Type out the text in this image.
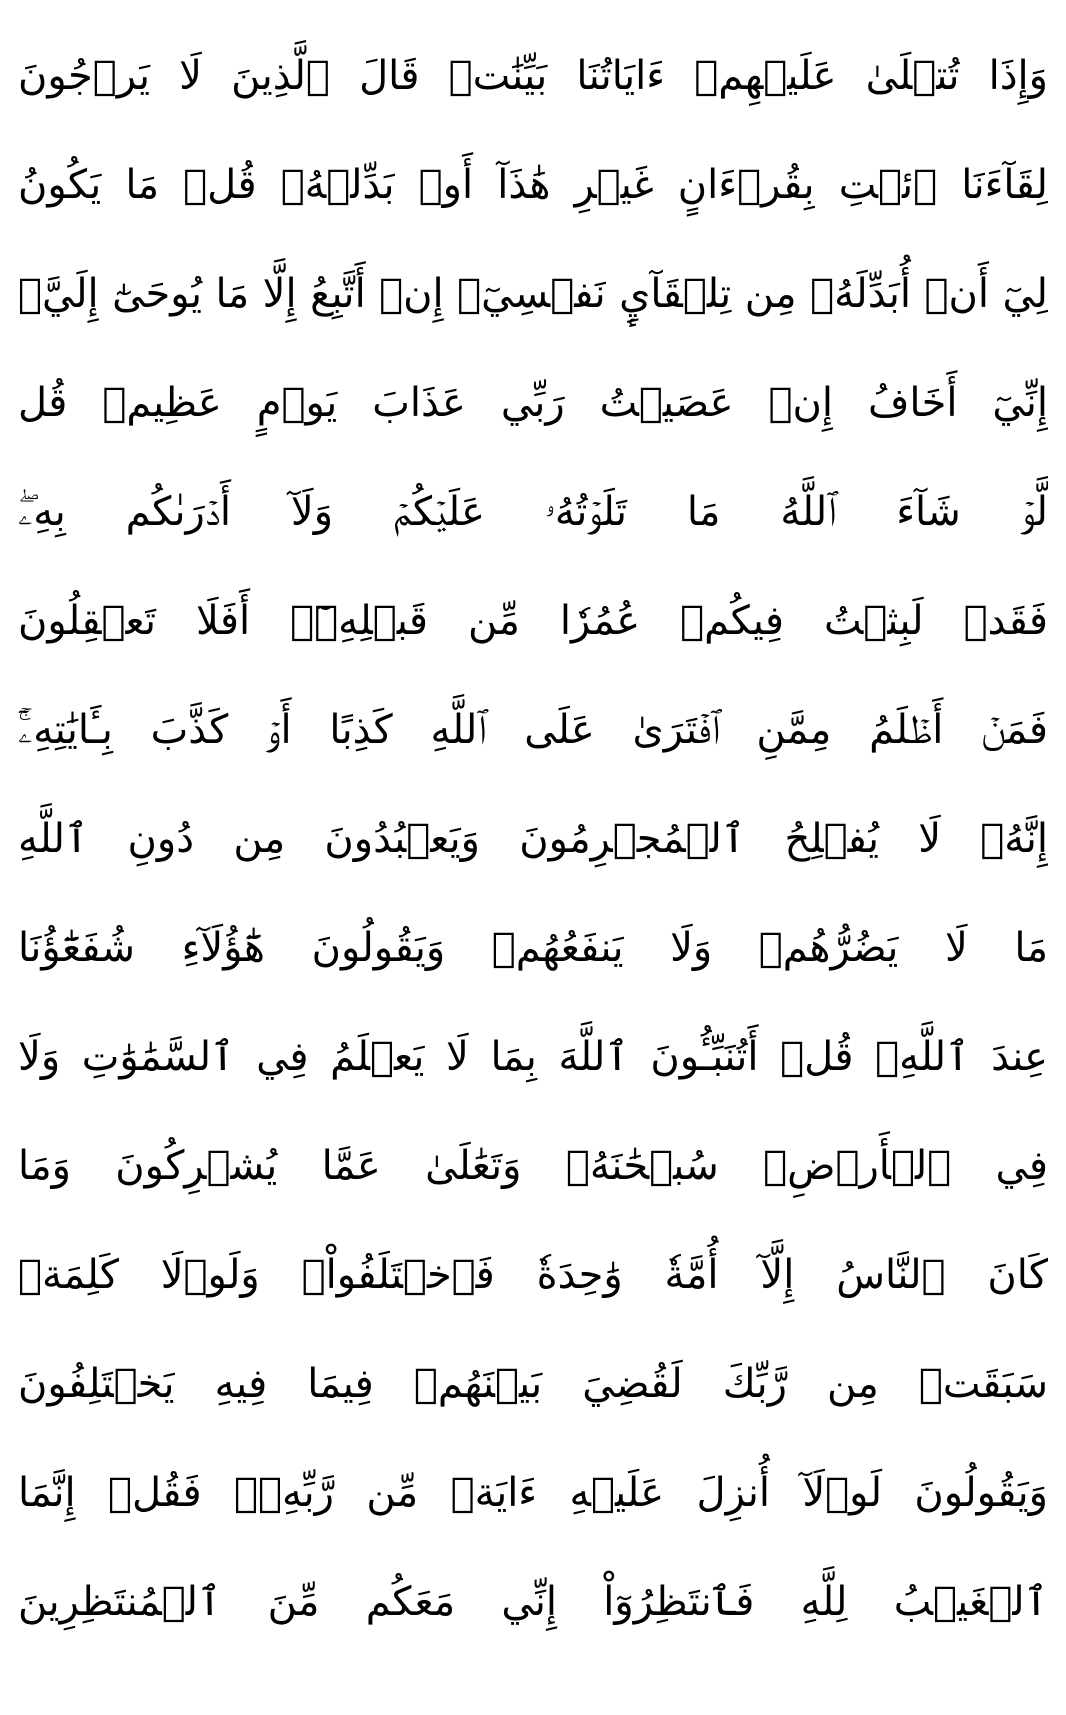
وَإِذَا تُتۡلَىٰ عَلَيۡهِمۡ ءَايَاتُنَا بَيِّنَٰتٖ قَالَ ٱلَّذِينَ لَا يَرۡجُونَ
لِقَآءَنَا ٱئۡتِ بِقُرۡءَانٍ غَيۡرِ هَٰذَآ أَوۡ بَدِّلۡهُۚ قُلۡ مَا يَكُونُ
لِيٓ أَنۡ أُبَدِّلَهُۥ مِن تِلۡقَآيِٕ نَفۡسِيٓۖ إِنۡ أَتَّبِعُ إِلَّا مَا يُوحَىٰٓ إِلَيَّۖ
إِنِّيٓ أَخَافُ إِنۡ عَصَيۡتُ رَبِّي عَذَابَ يَوۡمٍ عَظِيمٖ قُل
لَّوۡ شَآءَ ٱللَّهُ مَا تَلَوۡتُهُۥ عَلَيۡكُمۡ وَلَآ أَدۡرَىٰكُم بِهِۦۖ
فَقَدۡ لَبِثۡتُ فِيكُمۡ عُمُرٗا مِّن قَبۡلِهِۦٓۚ أَفَلَا تَعۡقِلُونَ
فَمَنۡ أَظۡلَمُ مِمَّنِ ٱفۡتَرَىٰ عَلَى ٱللَّهِ كَذِبًا أَوۡ كَذَّبَ بِـَٔايَٰتِهِۦٓۚ
إِنَّهُۥ لَا يُفۡلِحُ ٱلۡمُجۡرِمُونَ وَيَعۡبُدُونَ مِن دُونِ ٱللَّهِ
مَا لَا يَضُرُّهُمۡ وَلَا يَنفَعُهُمۡ وَيَقُولُونَ هَٰٓؤُلَآءِ شُفَعَٰٓؤُنَا
عِندَ ٱللَّهِۚ قُلۡ أَتُنَبِّـُٔونَ ٱللَّهَ بِمَا لَا يَعۡلَمُ فِي ٱلسَّمَٰوَٰتِ وَلَا
فِي ٱلۡأَرۡضِۚ سُبۡحَٰنَهُۥ وَتَعَٰلَىٰ عَمَّا يُشۡرِكُونَ وَمَا
كَانَ ٱلنَّاسُ إِلَّآ أُمَّةٗ وَٰحِدَةٗ فَٱخۡتَلَفُواْۚ وَلَوۡلَا كَلِمَةٞ
سَبَقَتۡ مِن رَّبِّكَ لَقُضِيَ بَيۡنَهُمۡ فِيمَا فِيهِ يَخۡتَلِفُونَ
وَيَقُولُونَ لَوۡلَآ أُنزِلَ عَلَيۡهِ ءَايَةٞ مِّن رَّبِّهِۦۖ فَقُلۡ إِنَّمَا
ٱلۡغَيۡبُ لِلَّهِ فَٱنتَظِرُوٓاْ إِنِّي مَعَكُم مِّنَ ٱلۡمُنتَظِرِينَ
